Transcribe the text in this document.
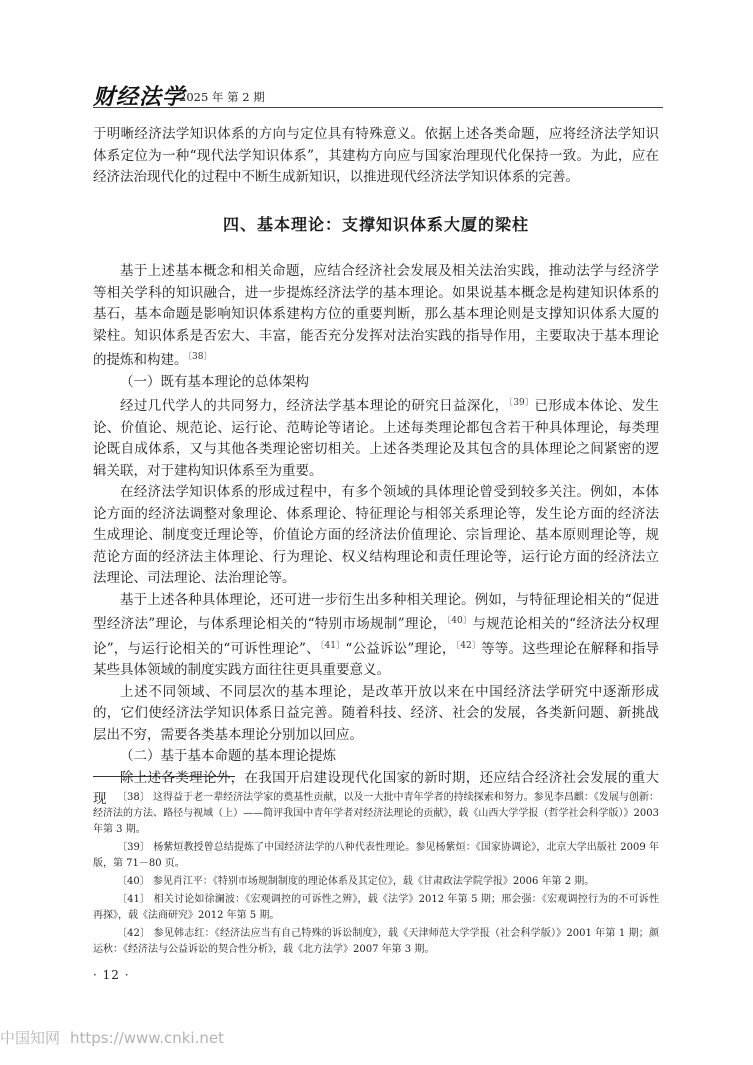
财经法学
2025 年 第 2 期

于明晰经济法学知识体系的方向与定位具有特殊意义。依据上述各类命题，应将经济法学知识体系定位为一种“现代法学知识体系”，其建构方向应与国家治理现代化保持一致。为此，应在经济法治现代化的过程中不断生成新知识，以推进现代经济法学知识体系的完善。

四、基本理论：支撑知识体系大厦的梁柱

基于上述基本概念和相关命题，应结合经济社会发展及相关法治实践，推动法学与经济学等相关学科的知识融合，进一步提炼经济法学的基本理论。如果说基本概念是构建知识体系的基石，基本命题是影响知识体系建构方位的重要判断，那么基本理论则是支撑知识体系大厦的梁柱。知识体系是否宏大、丰富，能否充分发挥对法治实践的指导作用，主要取决于基本理论的提炼和构建。$^{〔38〕}$

（一）既有基本理论的总体架构

经过几代学人的共同努力，经济法学基本理论的研究日益深化，$^{〔39〕}$已形成本体论、发生论、价值论、规范论、运行论、范畴论等诸论。上述每类理论都包含若干种具体理论，每类理论既自成体系，又与其他各类理论密切相关。上述各类理论及其包含的具体理论之间紧密的逻辑关联，对于建构知识体系至为重要。

在经济法学知识体系的形成过程中，有多个领域的具体理论曾受到较多关注。例如，本体论方面的经济法调整对象理论、体系理论、特征理论与相邻关系理论等，发生论方面的经济法生成理论、制度变迁理论等，价值论方面的经济法价值理论、宗旨理论、基本原则理论等，规范论方面的经济法主体理论、行为理论、权义结构理论和责任理论等，运行论方面的经济法立法理论、司法理论、法治理论等。

基于上述各种具体理论，还可进一步衍生出多种相关理论。例如，与特征理论相关的“促进型经济法”理论，与体系理论相关的“特别市场规制”理论，$^{〔40〕}$与规范论相关的“经济法分权理论”，与运行论相关的“可诉性理论”、$^{〔41〕}$“公益诉讼”理论，$^{〔42〕}$等等。这些理论在解释和指导某些具体领域的制度实践方面往往更具重要意义。

上述不同领域、不同层次的基本理论，是改革开放以来在中国经济法学研究中逐渐形成的，它们使经济法学知识体系日益完善。随着科技、经济、社会的发展，各类新问题、新挑战层出不穷，需要各类基本理论分别加以回应。

（二）基于基本命题的基本理论提炼

除上述各类理论外，在我国开启建设现代化国家的新时期，还应结合经济社会发展的重大现	〔38〕 这得益于老一辈经济法学家的奠基性贡献，以及一大批中青年学者的持续探索和努力。参见李昌麒：《发展与创新：经济法的方法、路径与视域（上）——简评我国中青年学者对经济法理论的贡献》，载《山西大学学报（哲学社会科学版）》2003 年第 3 期。

〔39〕 杨紫烜教授曾总结提炼了中国经济法学的八种代表性理论。参见杨紫烜：《国家协调论》，北京大学出版社 2009 年版，第 71－80 页。

〔40〕 参见肖江平：《特别市场规制制度的理论体系及其定位》，载《甘肃政法学院学报》2006 年第 2 期。

〔41〕 相关讨论如徐澜波：《宏观调控的可诉性之辨》，载《法学》2012 年第 5 期；邢会强：《宏观调控行为的不可诉性再探》，载《法商研究》2012 年第 5 期。

〔42〕 参见韩志红：《经济法应当有自己特殊的诉讼制度》，载《天津师范大学学报（社会科学版）》2001 年第 1 期；颜运秋：《经济法与公益诉讼的契合性分析》，载《北方法学》2007 年第 3 期。

· 12 ·
中国知网 https://www.cnki.net
